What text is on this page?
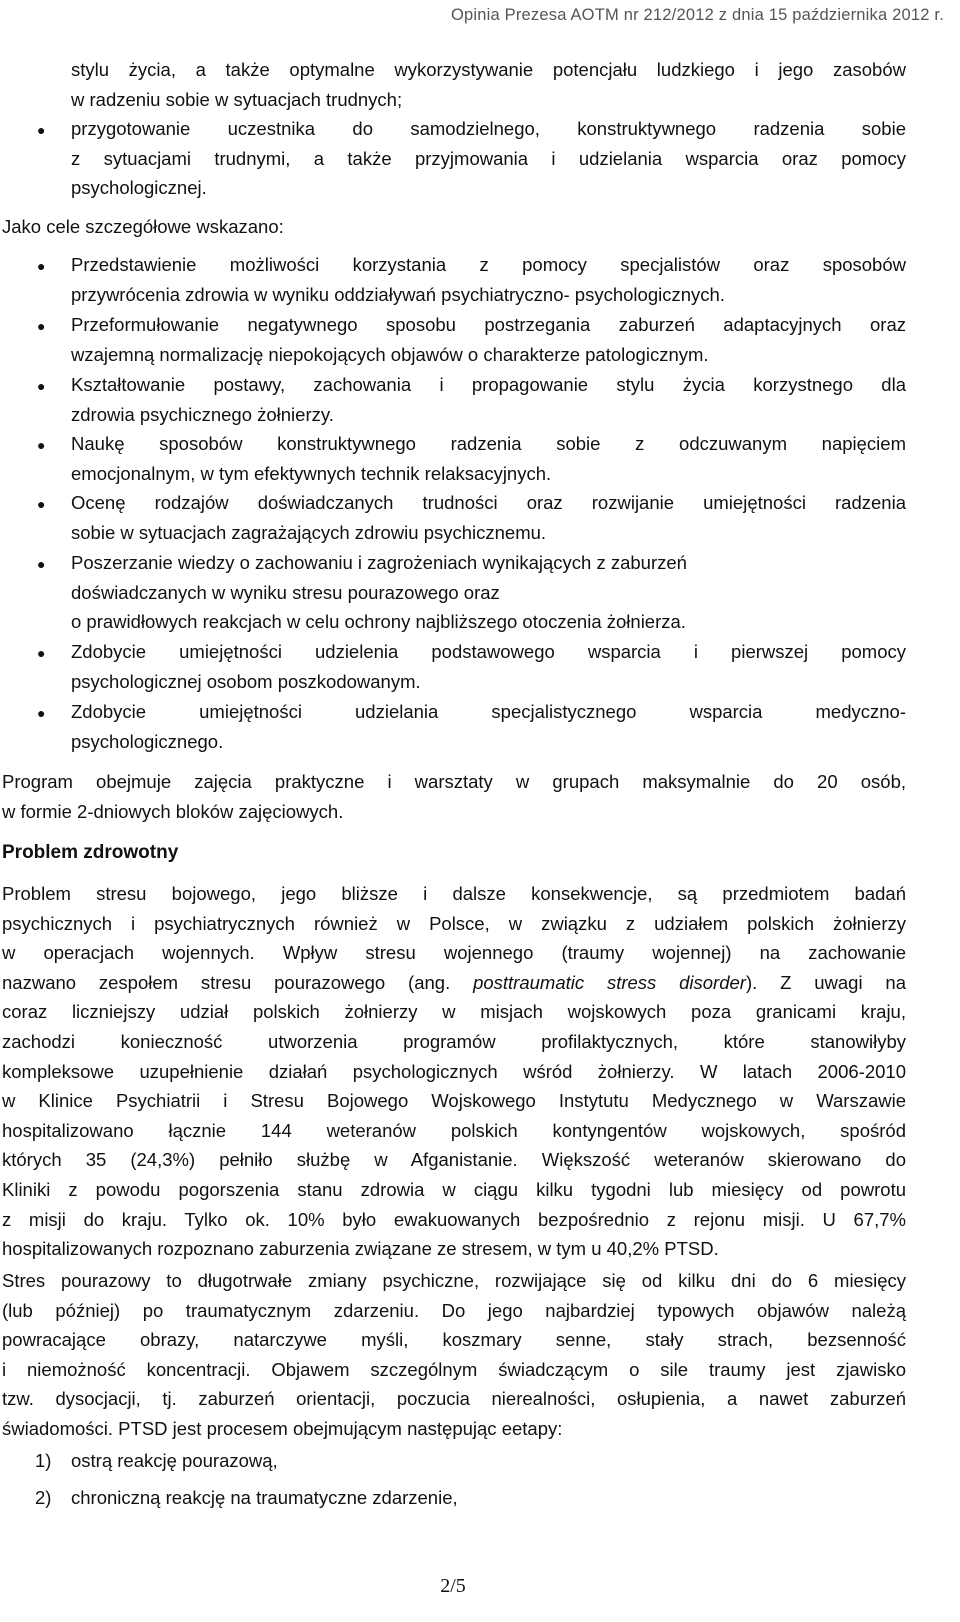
Opinia Prezesa AOTM nr 212/2012 z dnia 15 października 2012 r.

stylu życia, a także optymalne wykorzystywanie potencjału ludzkiego i jego zasobów
w radzeniu sobie w sytuacjach trudnych;

● przygotowanie uczestnika do samodzielnego, konstruktywnego radzenia sobie
z sytuacjami trudnymi, a także przyjmowania i udzielania wsparcia oraz pomocy
psychologicznej.

Jako cele szczegółowe wskazano:

● Przedstawienie możliwości korzystania z pomocy specjalistów oraz sposobów
przywrócenia zdrowia w wyniku oddziaływań psychiatryczno- psychologicznych.

● Przeformułowanie negatywnego sposobu postrzegania zaburzeń adaptacyjnych oraz
wzajemną normalizację niepokojących objawów o charakterze patologicznym.

● Kształtowanie postawy, zachowania i propagowanie stylu życia korzystnego dla
zdrowia psychicznego żołnierzy.

● Naukę sposobów konstruktywnego radzenia sobie z odczuwanym napięciem
emocjonalnym, w tym efektywnych technik relaksacyjnych.

● Ocenę rodzajów doświadczanych trudności oraz rozwijanie umiejętności radzenia
sobie w sytuacjach zagrażających zdrowiu psychicznemu.

● Poszerzanie wiedzy o zachowaniu i zagrożeniach wynikających z zaburzeń
doświadczanych w wyniku stresu pourazowego oraz
o prawidłowych reakcjach w celu ochrony najbliższego otoczenia żołnierza.

● Zdobycie umiejętności udzielenia podstawowego wsparcia i pierwszej pomocy
psychologicznej osobom poszkodowanym.

● Zdobycie umiejętności udzielania specjalistycznego wsparcia medyczno-
psychologicznego.

Program obejmuje zajęcia praktyczne i warsztaty w grupach maksymalnie do 20 osób,
w formie 2-dniowych bloków zajęciowych.

Problem zdrowotny

Problem stresu bojowego, jego bliższe i dalsze konsekwencje, są przedmiotem badań
psychicznych i psychiatrycznych również w Polsce, w związku z udziałem polskich żołnierzy
w operacjach wojennych. Wpływ stresu wojennego (traumy wojennej) na zachowanie
nazwano zespołem stresu pourazowego (ang. posttraumatic stress disorder). Z uwagi na
coraz liczniejszy udział polskich żołnierzy w misjach wojskowych poza granicami kraju,
zachodzi konieczność utworzenia programów profilaktycznych, które stanowiłyby
kompleksowe uzupełnienie działań psychologicznych wśród żołnierzy. W latach 2006-2010
w Klinice Psychiatrii i Stresu Bojowego Wojskowego Instytutu Medycznego w Warszawie
hospitalizowano łącznie 144 weteranów polskich kontyngentów wojskowych, spośród
których 35 (24,3%) pełniło służbę w Afganistanie. Większość weteranów skierowano do
Kliniki z powodu pogorszenia stanu zdrowia w ciągu kilku tygodni lub miesięcy od powrotu
z misji do kraju. Tylko ok. 10% było ewakuowanych bezpośrednio z rejonu misji. U 67,7%
hospitalizowanych rozpoznano zaburzenia związane ze stresem, w tym u 40,2% PTSD.

Stres pourazowy to długotrwałe zmiany psychiczne, rozwijające się od kilku dni do 6 miesięcy
(lub później) po traumatycznym zdarzeniu. Do jego najbardziej typowych objawów należą
powracające obrazy, natarczywe myśli, koszmary senne, stały strach, bezsenność
i niemożność koncentracji. Objawem szczególnym świadczącym o sile traumy jest zjawisko
tzw. dysocjacji, tj. zaburzeń orientacji, poczucia nierealności, osłupienia, a nawet zaburzeń
świadomości. PTSD jest procesem obejmującym następując eetapy:

1) ostrą reakcję pourazową,
2) chroniczną reakcję na traumatyczne zdarzenie,
2/5
